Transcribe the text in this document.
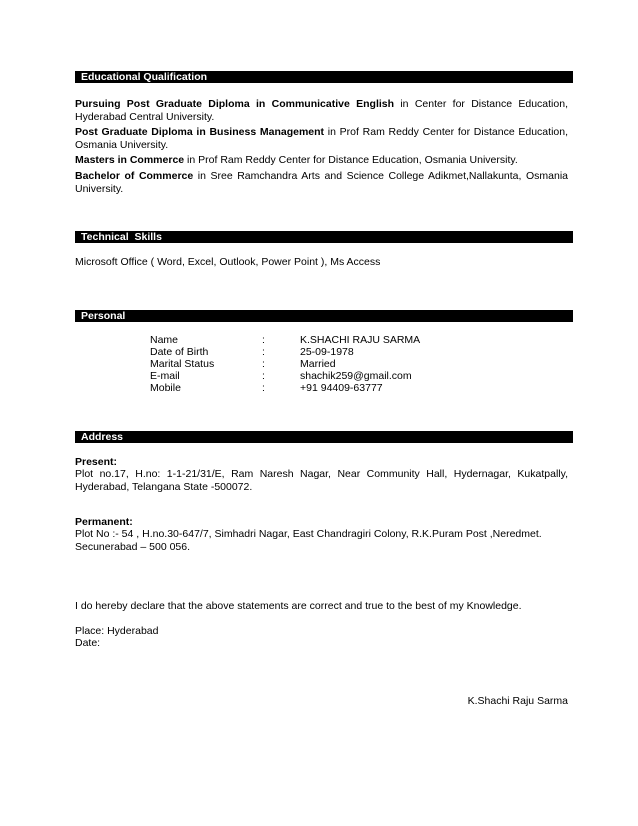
Educational Qualification

Pursuing Post Graduate Diploma in Communicative English in Center for Distance Education, Hyderabad Central University.

Post Graduate Diploma in Business Management in Prof Ram Reddy Center for Distance Education, Osmania University.

Masters in Commerce in Prof Ram Reddy Center for Distance Education, Osmania University.

Bachelor of Commerce in Sree Ramchandra Arts and Science College Adikmet,Nallakunta, Osmania University.

Technical  Skills
Microsoft Office ( Word, Excel, Outlook, Power Point ), Ms Access
Personal
Name	:	K.SHACHI RAJU SARMA
Date of Birth	:	25-09-1978
Marital Status	:	Married
E-mail	:	shachik259@gmail.com
Mobile	:	+91 94409-63777
Address
Present:

Plot no.17, H.no: 1-1-21/31/E, Ram Naresh Nagar, Near Community Hall, Hydernagar, Kukatpally, Hyderabad, Telangana State -500072.

Permanent:
Plot No :- 54 , H.no.30-647/7, Simhadri Nagar, East Chandragiri Colony, R.K.Puram Post ,Neredmet.
Secunerabad – 500 056.
I do hereby declare that the above statements are correct and true to the best of my Knowledge.
Place: Hyderabad
Date:
K.Shachi Raju Sarma
